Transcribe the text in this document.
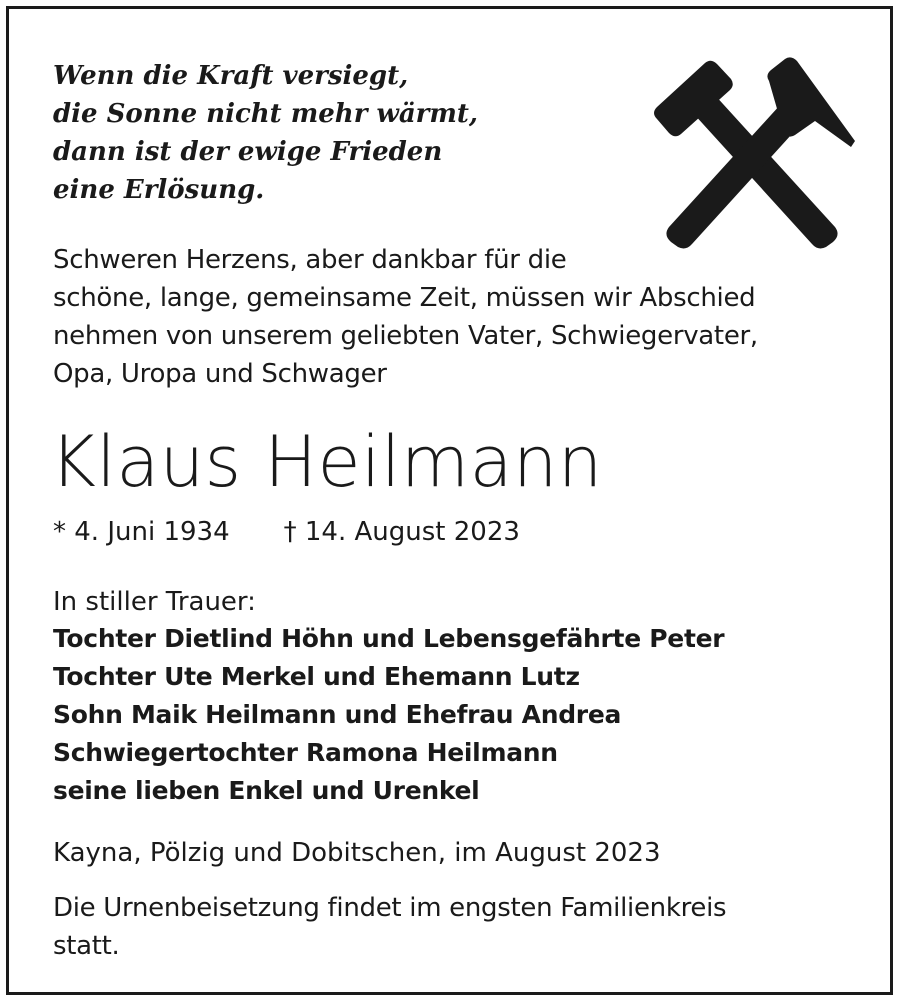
Wenn die Kraft versiegt,
die Sonne nicht mehr wärmt,
dann ist der ewige Frieden
eine Erlösung.
Schweren Herzens, aber dankbar für die
schöne, lange, gemeinsame Zeit, müssen wir Abschied
nehmen von unserem geliebten Vater, Schwiegervater,
Opa, Uropa und Schwager
Klaus Heilmann
* 4. Juni 1934 † 14. August 2023
In stiller Trauer:
Tochter Dietlind Höhn und Lebensgefährte Peter
Tochter Ute Merkel und Ehemann Lutz
Sohn Maik Heilmann und Ehefrau Andrea
Schwiegertochter Ramona Heilmann
seine lieben Enkel und Urenkel
Kayna, Pölzig und Dobitschen, im August 2023
Die Urnenbeisetzung findet im engsten Familienkreis
statt.
